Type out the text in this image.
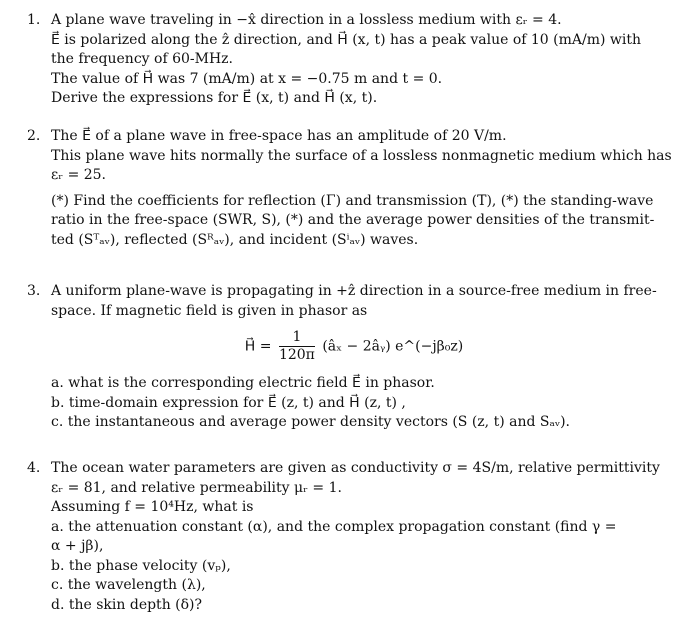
1. A plane wave traveling in −x̂ direction in a lossless medium with εᵣ = 4.
E⃗ is polarized along the ẑ direction, and H⃗ (x, t) has a peak value of 10 (mA/m) with
the frequency of 60-MHz.
The value of H⃗ was 7 (mA/m) at x = −0.75 m and t = 0.
Derive the expressions for E⃗ (x, t) and H⃗ (x, t).
2. The E⃗ of a plane wave in free-space has an amplitude of 20 V/m.
This plane wave hits normally the surface of a lossless nonmagnetic medium which has
εᵣ = 25.
(*) Find the coefficients for reflection (Γ) and transmission (T), (*) the standing-wave
ratio in the free-space (SWR, S), (*) and the average power densities of the transmit-
ted (Sᵀₐᵥ), reflected (Sᴿₐᵥ), and incident (Sⁱₐᵥ) waves.
3. A uniform plane-wave is propagating in +ẑ direction in a source-free medium in free-
space. If magnetic field is given in phasor as
H⃗ = $\frac{1}{120\pi}$ (âₓ − 2âᵧ) e^(−jβ₀z)
a. what is the corresponding electric field E⃗ in phasor.
b. time-domain expression for E⃗ (z, t) and H⃗ (z, t) ,
c. the instantaneous and average power density vectors (S (z, t) and Sₐᵥ).
4. The ocean water parameters are given as conductivity σ = 4S/m, relative permittivity
εᵣ = 81, and relative permeability μᵣ = 1.
Assuming f = 10⁴Hz, what is
a. the attenuation constant (α), and the complex propagation constant (find γ =
α + jβ),
b. the phase velocity (vₚ),
c. the wavelength (λ),
d. the skin depth (δ)?
